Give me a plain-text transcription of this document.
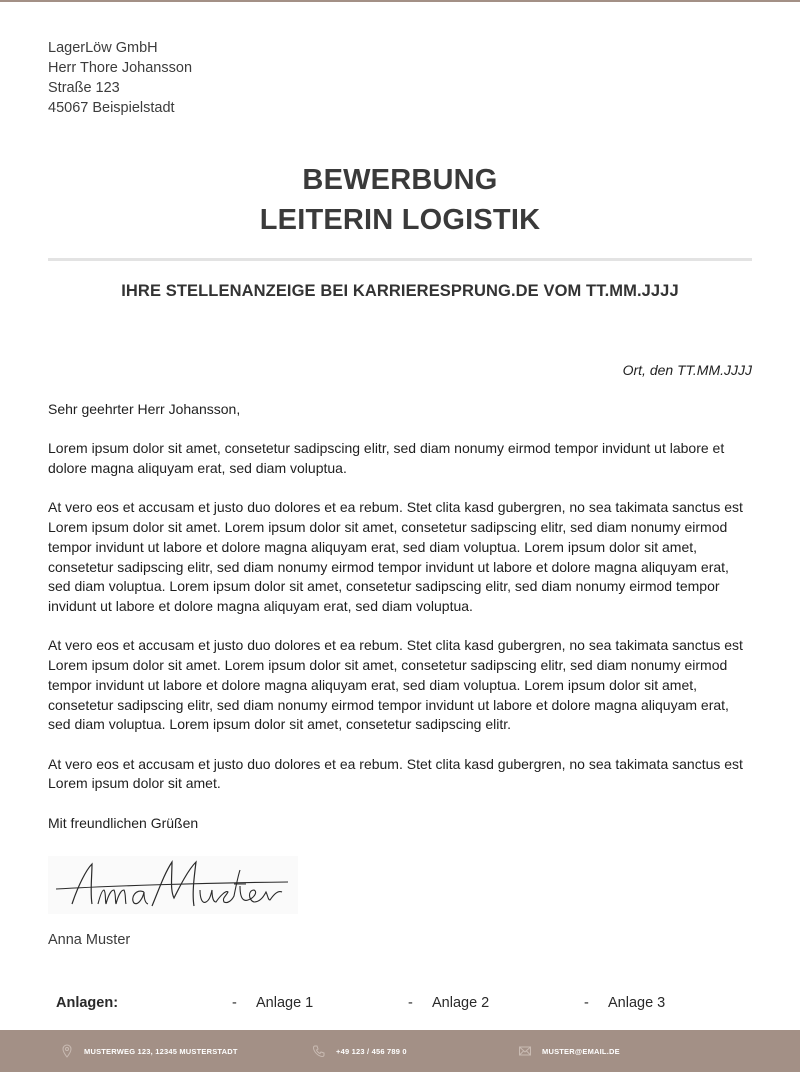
LagerLöw GmbH
Herr Thore Johansson
Straße 123
45067 Beispielstadt
BEWERBUNG
LEITERIN LOGISTIK
IHRE STELLENANZEIGE BEI KARRIERESPRUNG.DE VOM TT.MM.JJJJ
Ort, den TT.MM.JJJJ

Sehr geehrter Herr Johansson,

Lorem ipsum dolor sit amet, consetetur sadipscing elitr, sed diam nonumy eirmod tempor invidunt ut labore et dolore magna aliquyam erat, sed diam voluptua.

At vero eos et accusam et justo duo dolores et ea rebum. Stet clita kasd gubergren, no sea takimata sanctus est Lorem ipsum dolor sit amet. Lorem ipsum dolor sit amet, consetetur sadipscing elitr, sed diam nonumy eirmod tempor invidunt ut labore et dolore magna aliquyam erat, sed diam voluptua. Lorem ipsum dolor sit amet, consetetur sadipscing elitr, sed diam nonumy eirmod tempor invidunt ut labore et dolore magna aliquyam erat, sed diam voluptua. Lorem ipsum dolor sit amet, consetetur sadipscing elitr, sed diam nonumy eirmod tempor invidunt ut labore et dolore magna aliquyam erat, sed diam voluptua.

At vero eos et accusam et justo duo dolores et ea rebum. Stet clita kasd gubergren, no sea takimata sanctus est Lorem ipsum dolor sit amet. Lorem ipsum dolor sit amet, consetetur sadipscing elitr, sed diam nonumy eirmod tempor invidunt ut labore et dolore magna aliquyam erat, sed diam voluptua. Lorem ipsum dolor sit amet, consetetur sadipscing elitr, sed diam nonumy eirmod tempor invidunt ut labore et dolore magna aliquyam erat, sed diam voluptua. Lorem ipsum dolor sit amet, consetetur sadipscing elitr.

At vero eos et accusam et justo duo dolores et ea rebum. Stet clita kasd gubergren, no sea takimata sanctus est Lorem ipsum dolor sit amet.

Mit freundlichen Grüßen

Anna Muster
Anna Muster
Anlagen:	- Anlage 1	- Anlage 2	- Anlage 3
MUSTERWEG 123, 12345 MUSTERSTADT	+49 123 / 456 789 0	MUSTER@EMAIL.DE
